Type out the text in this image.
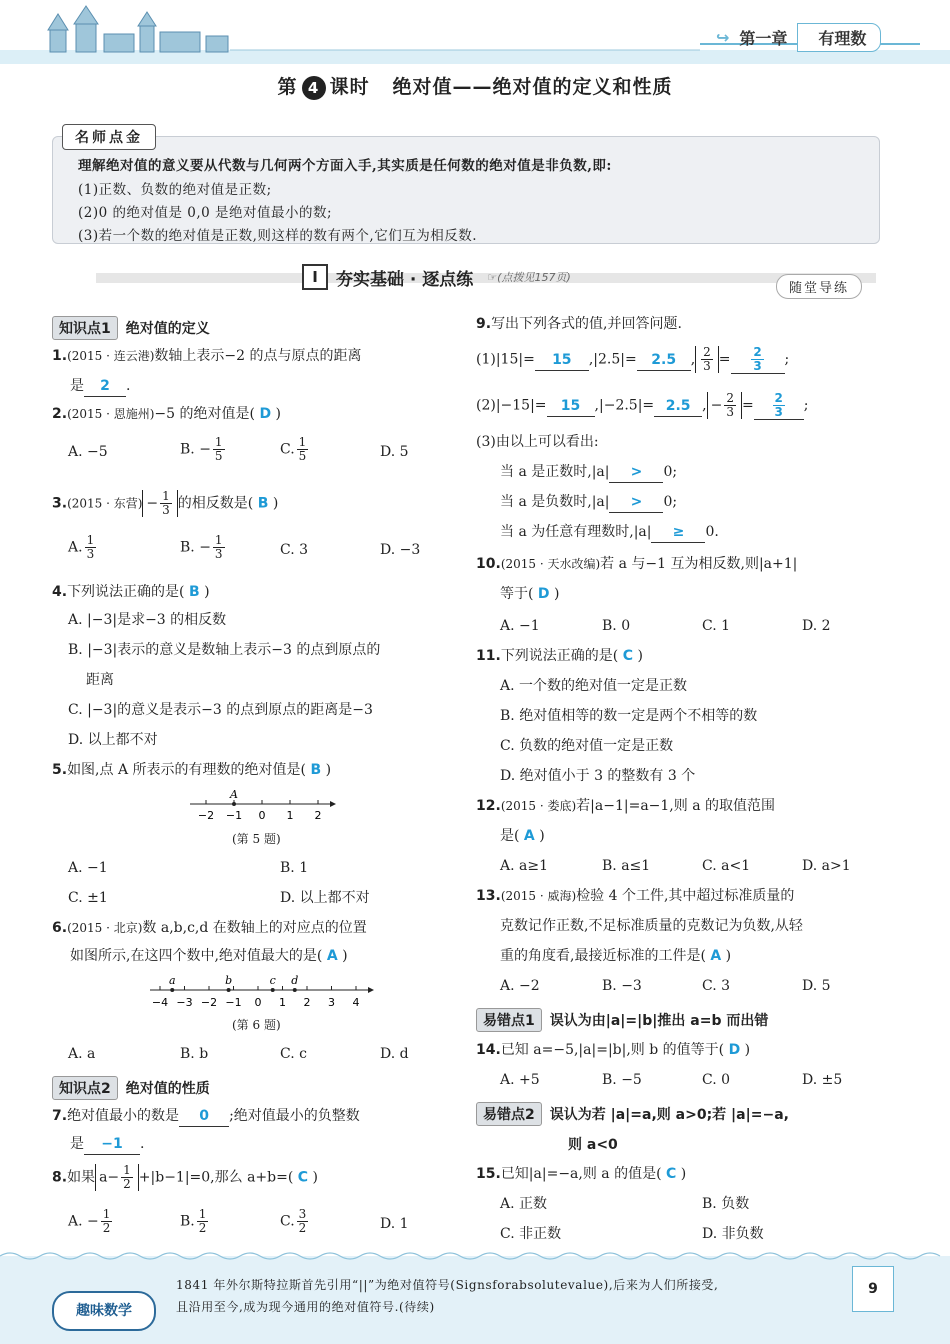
↪ 第一章	有理数
第 4 课时 绝对值——绝对值的定义和性质
名师点金
理解绝对值的意义要从代数与几何两个方面入手,其实质是任何数的绝对值是非负数,即:
(1)正数、负数的绝对值是正数;
(2)0 的绝对值是 0,0 是绝对值最小的数;
(3)若一个数的绝对值是正数,则这样的数有两个,它们互为相反数.
I	夯实基础 · 逐点练 ☞(点拨见157页)
随堂导练
知识点1	绝对值的定义
1.(2015 · 连云港)数轴上表示−2 的点与原点的距离
是 2 .
2.(2015 · 恩施州)−5 的绝对值是( D )
A. −5	B. − $\frac{1}{5}$	C. $\frac{1}{5}$	D. 5
3.(2015 · 东营) − $\frac{1}{3}$ 的相反数是( B )
A. $\frac{1}{3}$	B. − $\frac{1}{3}$	C. 3	D. −3
4.下列说法正确的是( B )
A. |−3|是求−3 的相反数
B. |−3|表示的意义是数轴上表示−3 的点到原点的
距离
C. |−3|的意义是表示−3 的点到原点的距离是−3
D. 以上都不对
5.如图,点 A 所表示的有理数的绝对值是( B )
−2 −1 0 1 2
A
(第 5 题)
A. −1	B. 1
C. ±1	D. 以上都不对
6.(2015 · 北京)数 a,b,c,d 在数轴上的对应点的位置
如图所示,在这四个数中,绝对值最大的是( A )
−4 −3 −2 −1 0 1 2 3 4
a	b	c d
(第 6 题)
A. a	B. b	C. c	D. d
知识点2	绝对值的性质
7.绝对值最小的数是 0 ;绝对值最小的负整数
是 −1 .
8.如果 $a- \frac{1}{2} +|b-1|=0$,那么 a+b=( C )
A. − $\frac{1}{2}$	B. $\frac{1}{2}$	C. $\frac{3}{2}$	D. 1
9.写出下列各式的值,并回答问题.
(1)|15|= 15 ,|2.5|= 2.5 , $\frac{2}{3} = \frac{2}{3}$ ;
(2)|−15|= 15 ,|−2.5|= 2.5 , − $\frac{2}{3} = \frac{2}{3}$ ;
(3)由以上可以看出:
当 a 是正数时,|a| > 0;
当 a 是负数时,|a| > 0;
当 a 为任意有理数时,|a| ≥ 0.
10.(2015 · 天水改编)若 a 与−1 互为相反数,则|a+1|
等于( D )
A. −1	B. 0	C. 1	D. 2
11.下列说法正确的是( C )
A. 一个数的绝对值一定是正数
B. 绝对值相等的数一定是两个不相等的数
C. 负数的绝对值一定是正数
D. 绝对值小于 3 的整数有 3 个
12.(2015 · 娄底)若|a−1|=a−1,则 a 的取值范围
是( A )
A. a≥1	B. a≤1	C. a<1	D. a>1
13.(2015 · 威海)检验 4 个工件,其中超过标准质量的
克数记作正数,不足标准质量的克数记为负数,从轻
重的角度看,最接近标准的工件是( A )
A. −2	B. −3	C. 3	D. 5
易错点1	误认为由|a|=|b|推出 a=b 而出错
14.已知 a=−5,|a|=|b|,则 b 的值等于( D )
A. +5	B. −5	C. 0	D. ±5
易错点2	误认为若 |a|=a,则 a>0;若 |a|=−a,
则 a<0
15.已知|a|=−a,则 a 的值是( C )
A. 正数	B. 负数
C. 非正数	D. 非负数
趣味数学
1841 年外尔斯特拉斯首先引用“||”为绝对值符号(Signsforabsolutevalue),后来为人们所接受,
且沿用至今,成为现今通用的绝对值符号.(待续)
9
